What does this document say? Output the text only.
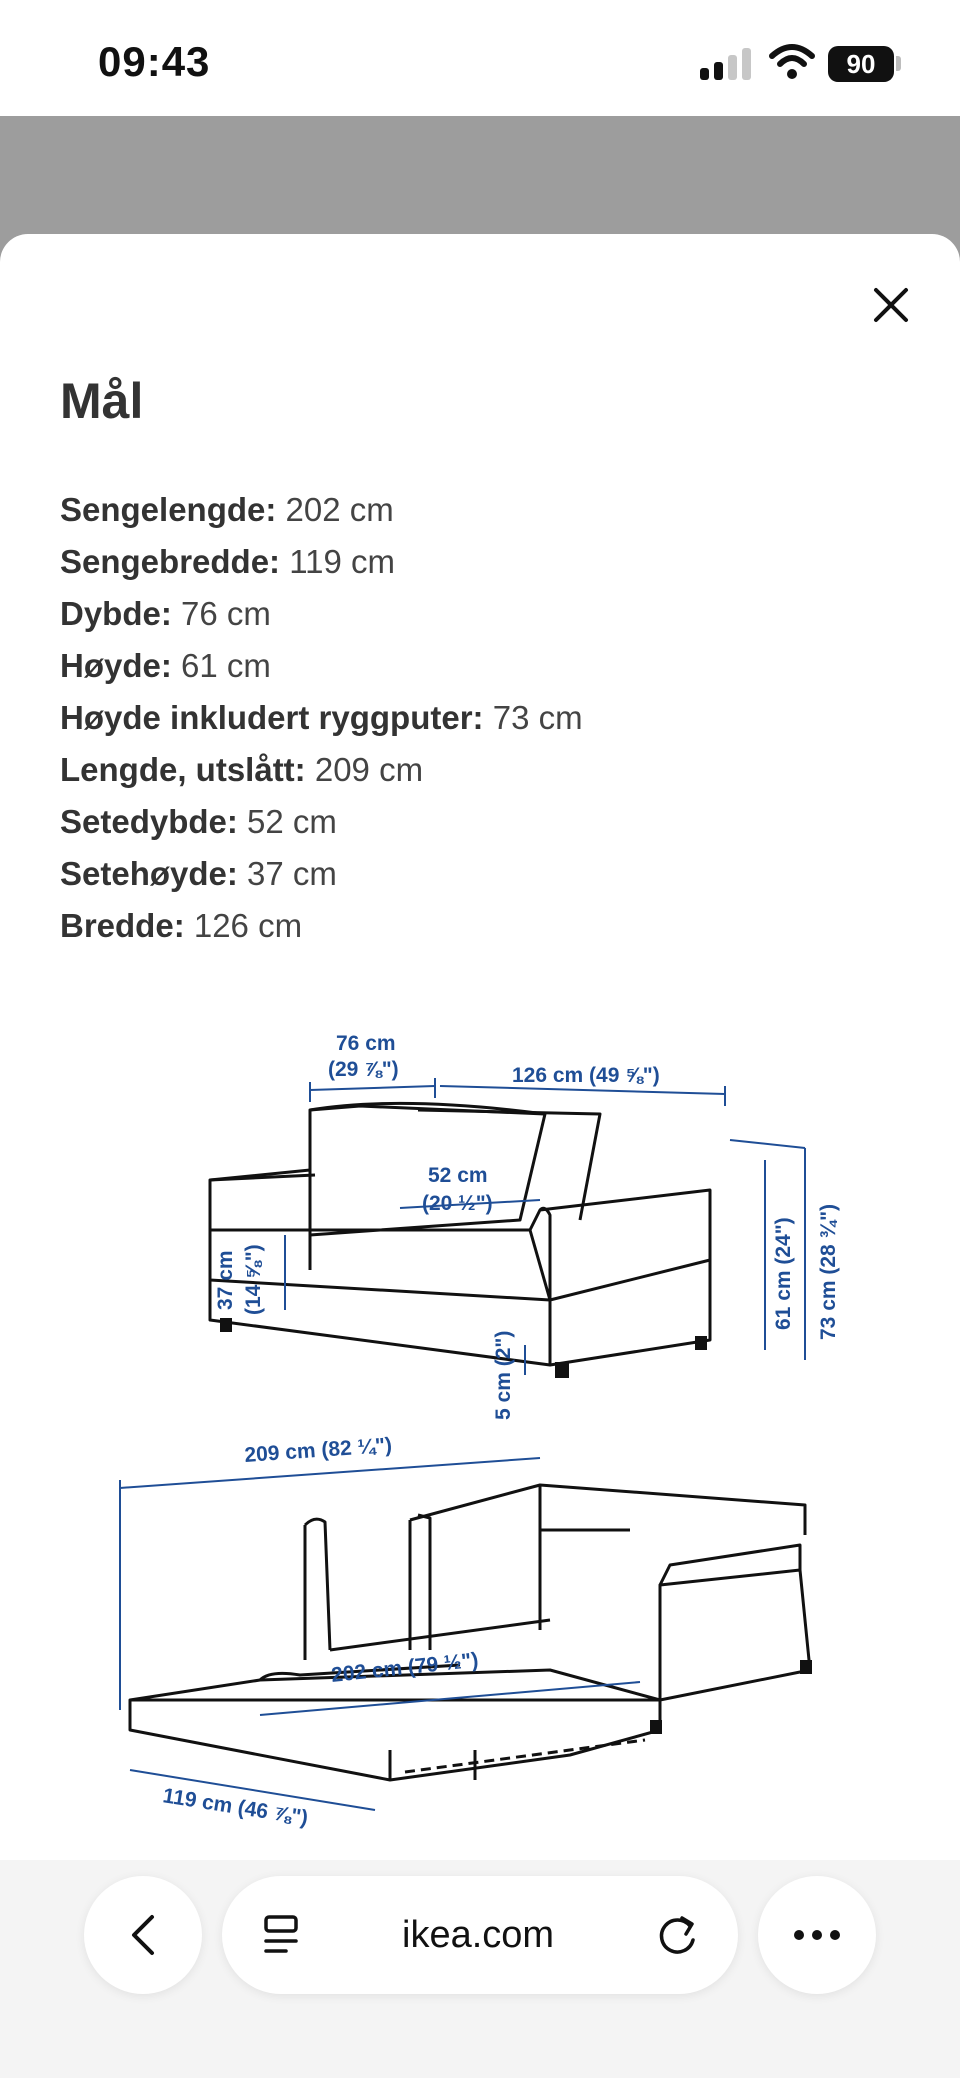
09:43	90
Mål
Sengelengde: 202 cm
Sengebredde: 119 cm
Dybde: 76 cm
Høyde: 61 cm
Høyde inkludert ryggputer: 73 cm
Lengde, utslått: 209 cm
Setedybde: 52 cm
Setehøyde: 37 cm
Bredde: 126 cm
76 cm
(29 ⅞")	126 cm (49 ⅝")
52 cm
(20 ½")
37 cm (14 ⅝")	61 cm (24") 73 cm (28 ¾")
5 cm (2")
209 cm (82 ¼")
202 cm (79 ½")
119 cm (46 ⅞")
ikea.com
